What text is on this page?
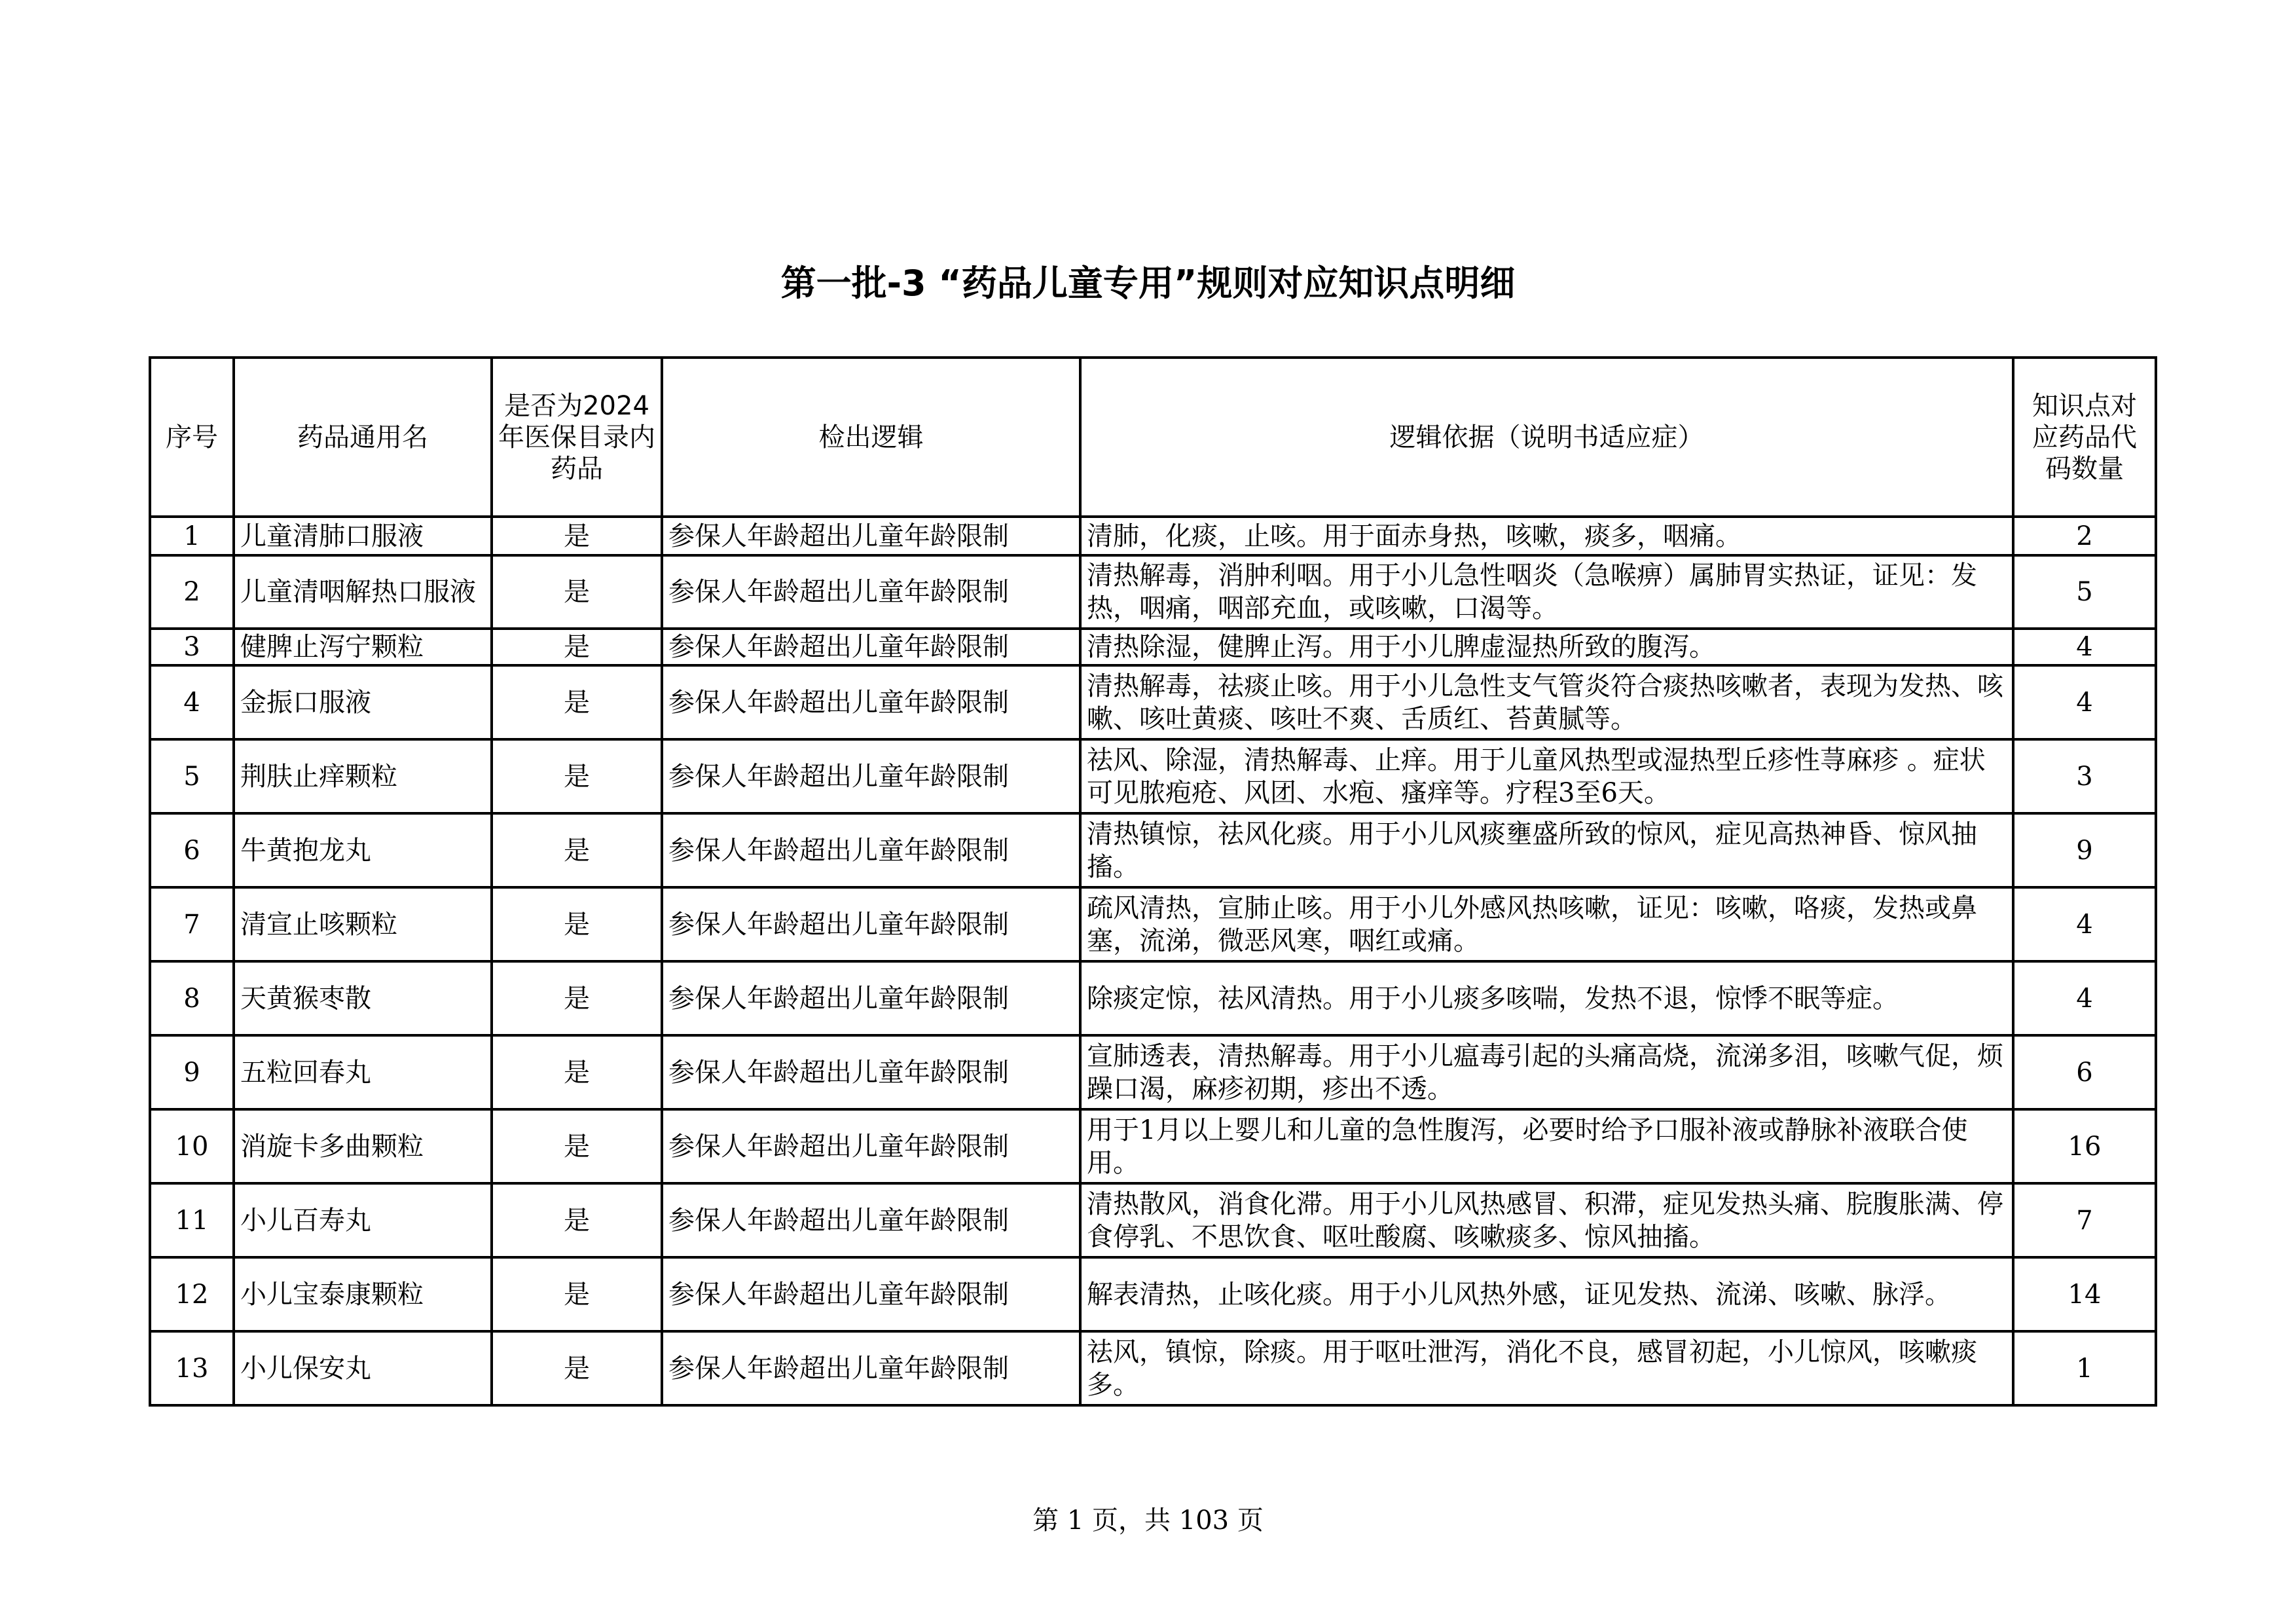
第一批-3 “药品儿童专用”规则对应知识点明细
序号	药品通用名	是否为2024年医保目录内药品	检出逻辑	逻辑依据（说明书适应症）	知识点对应药品代码数量
1	儿童清肺口服液	是	参保人年龄超出儿童年龄限制	清肺，化痰，止咳。用于面赤身热，咳嗽，痰多，咽痛。	2
2	儿童清咽解热口服液	是	参保人年龄超出儿童年龄限制	清热解毒，消肿利咽。用于小儿急性咽炎（急喉痹）属肺胃实热证，证见：发热，咽痛，咽部充血，或咳嗽，口渴等。	5
3	健脾止泻宁颗粒	是	参保人年龄超出儿童年龄限制	清热除湿，健脾止泻。用于小儿脾虚湿热所致的腹泻。	4
4	金振口服液	是	参保人年龄超出儿童年龄限制	清热解毒，祛痰止咳。用于小儿急性支气管炎符合痰热咳嗽者，表现为发热、咳嗽、咳吐黄痰、咳吐不爽、舌质红、苔黄腻等。	4
5	荆肤止痒颗粒	是	参保人年龄超出儿童年龄限制	祛风、除湿，清热解毒、止痒。用于儿童风热型或湿热型丘疹性荨麻疹 。症状可见脓疱疮、风团、水疱、瘙痒等。疗程3至6天。	3
6	牛黄抱龙丸	是	参保人年龄超出儿童年龄限制	清热镇惊，祛风化痰。用于小儿风痰壅盛所致的惊风，症见高热神昏、惊风抽搐。	9
7	清宣止咳颗粒	是	参保人年龄超出儿童年龄限制	疏风清热，宣肺止咳。用于小儿外感风热咳嗽，证见：咳嗽，咯痰，发热或鼻塞，流涕，微恶风寒，咽红或痛。	4
8	天黄猴枣散	是	参保人年龄超出儿童年龄限制	除痰定惊，祛风清热。用于小儿痰多咳喘，发热不退，惊悸不眠等症。	4
9	五粒回春丸	是	参保人年龄超出儿童年龄限制	宣肺透表，清热解毒。用于小儿瘟毒引起的头痛高烧，流涕多泪，咳嗽气促，烦躁口渴，麻疹初期，疹出不透。	6
10	消旋卡多曲颗粒	是	参保人年龄超出儿童年龄限制	用于1月以上婴儿和儿童的急性腹泻，必要时给予口服补液或静脉补液联合使用。	16
11	小儿百寿丸	是	参保人年龄超出儿童年龄限制	清热散风，消食化滞。用于小儿风热感冒、积滞，症见发热头痛、脘腹胀满、停食停乳、不思饮食、呕吐酸腐、咳嗽痰多、惊风抽搐。	7
12	小儿宝泰康颗粒	是	参保人年龄超出儿童年龄限制	解表清热，止咳化痰。用于小儿风热外感，证见发热、流涕、咳嗽、脉浮。	14
13	小儿保安丸	是	参保人年龄超出儿童年龄限制	祛风，镇惊，除痰。用于呕吐泄泻，消化不良，感冒初起，小儿惊风，咳嗽痰多。	1
第 1 页，共 103 页
